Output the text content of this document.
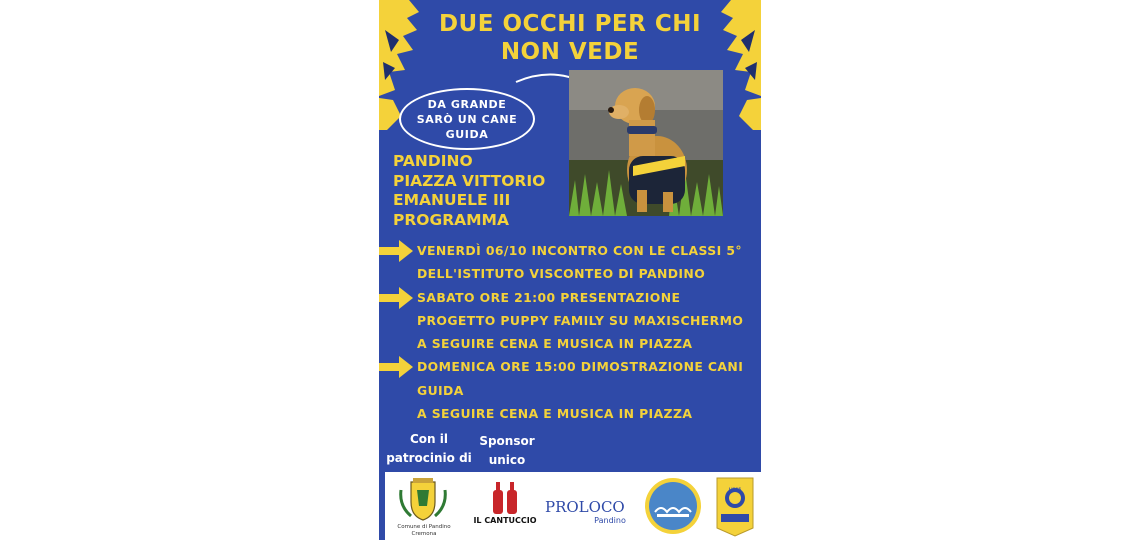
DUE OCCHI PER CHI
NON VEDE
DA GRANDE
SARÒ UN CANE
GUIDA
PANDINO
PIAZZA VITTORIO
EMANUELE III
PROGRAMMA
VENERDÌ 06/10 INCONTRO CON LE CLASSI 5°
DELL'ISTITUTO VISCONTEO DI PANDINO
SABATO ORE 21:00 PRESENTAZIONE
PROGETTO PUPPY FAMILY SU MAXISCHERMO
A SEGUIRE CENA E MUSICA IN PIAZZA
DOMENICA ORE 15:00 DIMOSTRAZIONE CANI
GUIDA
A SEGUIRE CENA E MUSICA IN PIAZZA
Con il
patrocinio di
Sponsor
unico
Comune di Pandino
Cremona
IL CANTUCCIO
PROLOCO
Pandino
LIONS
